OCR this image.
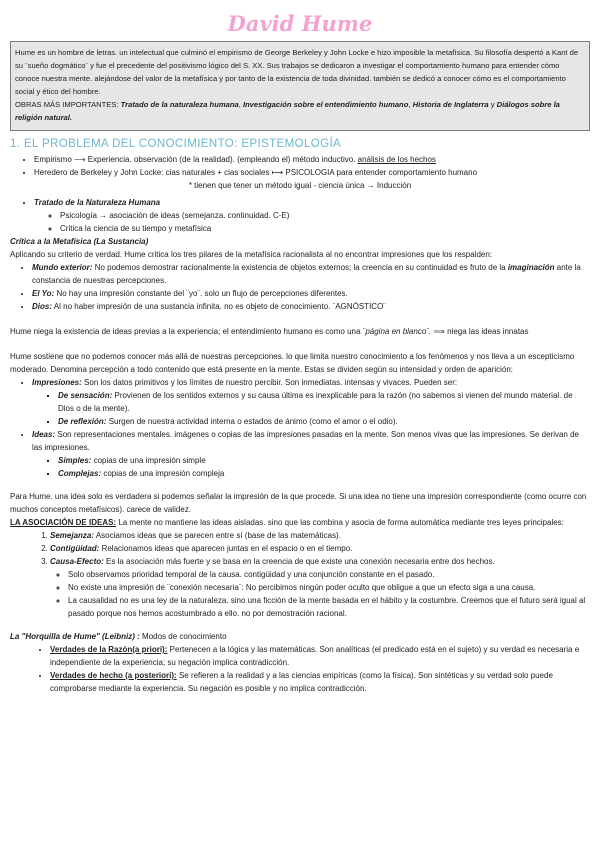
David Hume
Hume es un hombre de letras. un intelectual que culminó el empirismo de George Berkeley y John Locke e hizo imposible la metafísica. Su filosofía despertó a Kant de su ¨sueño dogmático¨ y fue el precedente del positivismo lógico del S. XX. Sus trabajos se dedicaron a investigar el comportamiento humano para entender cómo conoce nuestra mente. alejándose del valor de la metafísica y por tanto de la existencia de toda divinidad. también se dedicó a conocer cómo es el comportamiento social y ético del hombre.
OBRAS MÁS IMPORTANTES: Tratado de la naturaleza humana, Investigación sobre el entendimiento humano, Historia de Inglaterra y Diálogos sobre la religión natural.
1. EL PROBLEMA DEL CONOCIMIENTO: EPISTEMOLOGÍA
• Empirismo ⟶ Experiencia. observación (de la realidad). (empleando el) método inductivo. análisis de los hechos
• Heredero de Berkeley y John Locke: cias naturales + cias sociales ⟼ PSICOLOGIA para entender comportamiento humano
* tienen que tener un método igual - ciencia única → Inducción
• Tratado de la Naturaleza Humana
◦ Psicología → asociación de ideas (semejanza. continuidad. C-E)
◦ Critica la ciencia de su tiempo y metafísica
Crítica a la Metafísica (La Sustancia)

Aplicando su criterio de verdad. Hume critica los tres pilares de la metafísica racionalista al no encontrar impresiones que los respalden:

• Mundo exterior: No podemos demostrar racionalmente la existencia de objetos externos; la creencia en su continuidad es fruto de la imaginación ante la constancia de nuestras percepciones.
• El Yo: No hay una impresión constante del ¨yo¨. solo un flujo de percepciones diferentes.
• Dios: Al no haber impresión de una sustancia infinita. no es objeto de conocimiento. ¨AGNÓSTICO¨

Hume niega la existencia de ideas previas a la experiencia; el entendimiento humano es como una ¨página en blanco¨. ⟹ niega las ideas innatas

Hume sostiene que no podemos conocer más allá de nuestras percepciones. lo que limita nuestro conocimiento a los fenómenos y nos lleva a un escepticismo moderado. Denomina percepción a todo contenido que está presente en la mente. Estas se dividen según su intensidad y orden de aparición:

• Impresiones: Son los datos primitivos y los límites de nuestro percibir. Son inmediatas. intensas y vivaces. Pueden ser:
▪ De sensación: Provienen de los sentidos externos y su causa última es inexplicable para la razón (no sabemos si vienen del mundo material. de Dios o de la mente).
▪ De reflexión: Surgen de nuestra actividad interna o estados de ánimo (como el amor o el odio).
• Ideas: Son representaciones mentales. imágenes o copias de las impresiones pasadas en la mente. Son menos vivas que las impresiones. Se derivan de las impresiones.
▪ Simples: copias de una impresión simple
▪ Complejas: copias de una impresión compleja

Para Hume. una idea solo es verdadera si podemos señalar la impresión de la que procede. Si una idea no tiene una impresión correspondiente (como ocurre con muchos conceptos metafísicos). carece de validez.

LA ASOCIACIÓN DE IDEAS: La mente no mantiene las ideas aisladas. sino que las combina y asocia de forma automática mediante tres leyes principales:

1. Semejanza: Asociamos ideas que se parecen entre sí (base de las matemáticas).
2. Contigüidad: Relacionamos ideas que aparecen juntas en el espacio o en el tiempo.
3. Causa-Efecto: Es la asociación más fuerte y se basa en la creencia de que existe una conexión necesaria entre dos hechos.
◦ Solo observamos prioridad temporal de la causa. contigüidad y una conjunción constante en el pasado.
◦ No existe una impresión de ¨conexión necesaria¨: No percibimos ningún poder oculto que obligue a que un efecto siga a una causa.
◦ La causalidad no es una ley de la naturaleza. sino una ficción de la mente basada en el hábito y la costumbre. Creemos que el futuro será igual al pasado porque nos hemos acostumbrado a ello. no por demostración racional.

La "Horquilla de Hume" (Leibniz) : Modos de conocimiento

• Verdades de la Razón(a priori): Pertenecen a la lógica y las matemáticas. Son analíticas (el predicado está en el sujeto) y su verdad es necesaria e independiente de la experiencia; su negación implica contradicción.
• Verdades de hecho (a posteriori): Se refieren a la realidad y a las ciencias empíricas (como la física). Son sintéticas y su verdad solo puede comprobarse mediante la experiencia. Su negación es posible y no implica contradicción.
